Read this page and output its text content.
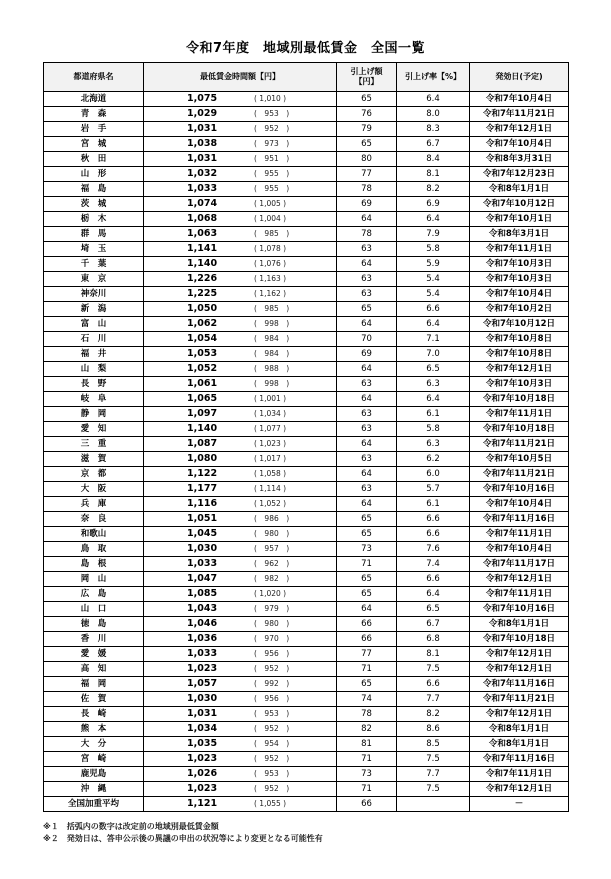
令和7年度　地域別最低賃金　全国一覧
都道府県名	最低賃金時間額【円】	引上げ額
【円】	引上げ率【%】	発効日(予定)
北海道	1,075 ( 1,010 )	65	6.4	令和7年10月4日
青　森	1,029 (　953　)	76	8.0	令和7年11月21日
岩　手	1,031 (　952　)	79	8.3	令和7年12月1日
宮　城	1,038 (　973　)	65	6.7	令和7年10月4日
秋　田	1,031 (　951　)	80	8.4	令和8年3月31日
山　形	1,032 (　955　)	77	8.1	令和7年12月23日
福　島	1,033 (　955　)	78	8.2	令和8年1月1日
茨　城	1,074 ( 1,005 )	69	6.9	令和7年10月12日
栃　木	1,068 ( 1,004 )	64	6.4	令和7年10月1日
群　馬	1,063 (　985　)	78	7.9	令和8年3月1日
埼　玉	1,141 ( 1,078 )	63	5.8	令和7年11月1日
千　葉	1,140 ( 1,076 )	64	5.9	令和7年10月3日
東　京	1,226 ( 1,163 )	63	5.4	令和7年10月3日
神奈川	1,225 ( 1,162 )	63	5.4	令和7年10月4日
新　潟	1,050 (　985　)	65	6.6	令和7年10月2日
富　山	1,062 (　998　)	64	6.4	令和7年10月12日
石　川	1,054 (　984　)	70	7.1	令和7年10月8日
福　井	1,053 (　984　)	69	7.0	令和7年10月8日
山　梨	1,052 (　988　)	64	6.5	令和7年12月1日
長　野	1,061 (　998　)	63	6.3	令和7年10月3日
岐　阜	1,065 ( 1,001 )	64	6.4	令和7年10月18日
静　岡	1,097 ( 1,034 )	63	6.1	令和7年11月1日
愛　知	1,140 ( 1,077 )	63	5.8	令和7年10月18日
三　重	1,087 ( 1,023 )	64	6.3	令和7年11月21日
滋　賀	1,080 ( 1,017 )	63	6.2	令和7年10月5日
京　都	1,122 ( 1,058 )	64	6.0	令和7年11月21日
大　阪	1,177 ( 1,114 )	63	5.7	令和7年10月16日
兵　庫	1,116 ( 1,052 )	64	6.1	令和7年10月4日
奈　良	1,051 (　986　)	65	6.6	令和7年11月16日
和歌山	1,045 (　980　)	65	6.6	令和7年11月1日
鳥　取	1,030 (　957　)	73	7.6	令和7年10月4日
島　根	1,033 (　962　)	71	7.4	令和7年11月17日
岡　山	1,047 (　982　)	65	6.6	令和7年12月1日
広　島	1,085 ( 1,020 )	65	6.4	令和7年11月1日
山　口	1,043 (　979　)	64	6.5	令和7年10月16日
徳　島	1,046 (　980　)	66	6.7	令和8年1月1日
香　川	1,036 (　970　)	66	6.8	令和7年10月18日
愛　媛	1,033 (　956　)	77	8.1	令和7年12月1日
高　知	1,023 (　952　)	71	7.5	令和7年12月1日
福　岡	1,057 (　992　)	65	6.6	令和7年11月16日
佐　賀	1,030 (　956　)	74	7.7	令和7年11月21日
長　崎	1,031 (　953　)	78	8.2	令和7年12月1日
熊　本	1,034 (　952　)	82	8.6	令和8年1月1日
大　分	1,035 (　954　)	81	8.5	令和8年1月1日
宮　崎	1,023 (　952　)	71	7.5	令和7年11月16日
鹿児島	1,026 (　953　)	73	7.7	令和7年11月1日
沖　縄	1,023 (　952　)	71	7.5	令和7年12月1日
全国加重平均	1,121 ( 1,055 )	66		－
※１　括弧内の数字は改定前の地域別最低賃金額
※２　発効日は、答申公示後の異議の申出の状況等により変更となる可能性有
